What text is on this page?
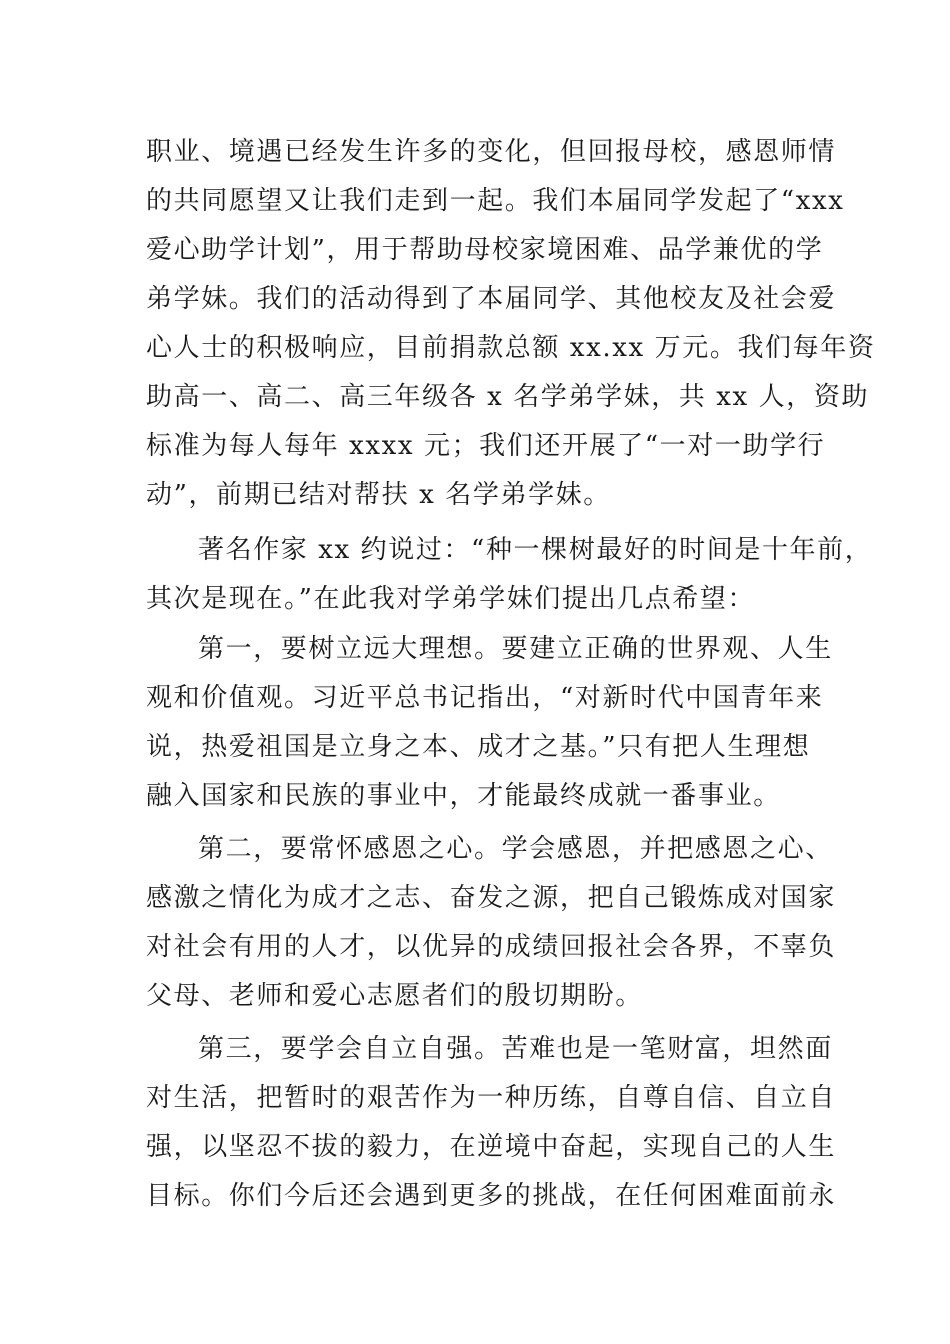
职业、境遇已经发生许多的变化，但回报母校，感恩师情
的共同愿望又让我们走到一起。我们本届同学发起了“xxx
爱心助学计划”，用于帮助母校家境困难、品学兼优的学
弟学妹。我们的活动得到了本届同学、其他校友及社会爱
心人士的积极响应，目前捐款总额 xx.xx 万元。我们每年资
助高一、高二、高三年级各 x 名学弟学妹，共 xx 人，资助
标准为每人每年 xxxx 元；我们还开展了“一对一助学行
动”，前期已结对帮扶 x 名学弟学妹。
著名作家 xx 约说过：“种一棵树最好的时间是十年前，
其次是现在。”在此我对学弟学妹们提出几点希望：
第一，要树立远大理想。要建立正确的世界观、人生
观和价值观。习近平总书记指出，“对新时代中国青年来
说，热爱祖国是立身之本、成才之基。”只有把人生理想
融入国家和民族的事业中，才能最终成就一番事业。
第二，要常怀感恩之心。学会感恩，并把感恩之心、
感激之情化为成才之志、奋发之源，把自己锻炼成对国家
对社会有用的人才，以优异的成绩回报社会各界，不辜负
父母、老师和爱心志愿者们的殷切期盼。
第三，要学会自立自强。苦难也是一笔财富，坦然面
对生活，把暂时的艰苦作为一种历练，自尊自信、自立自
强，以坚忍不拔的毅力，在逆境中奋起，实现自己的人生
目标。你们今后还会遇到更多的挑战，在任何困难面前永
